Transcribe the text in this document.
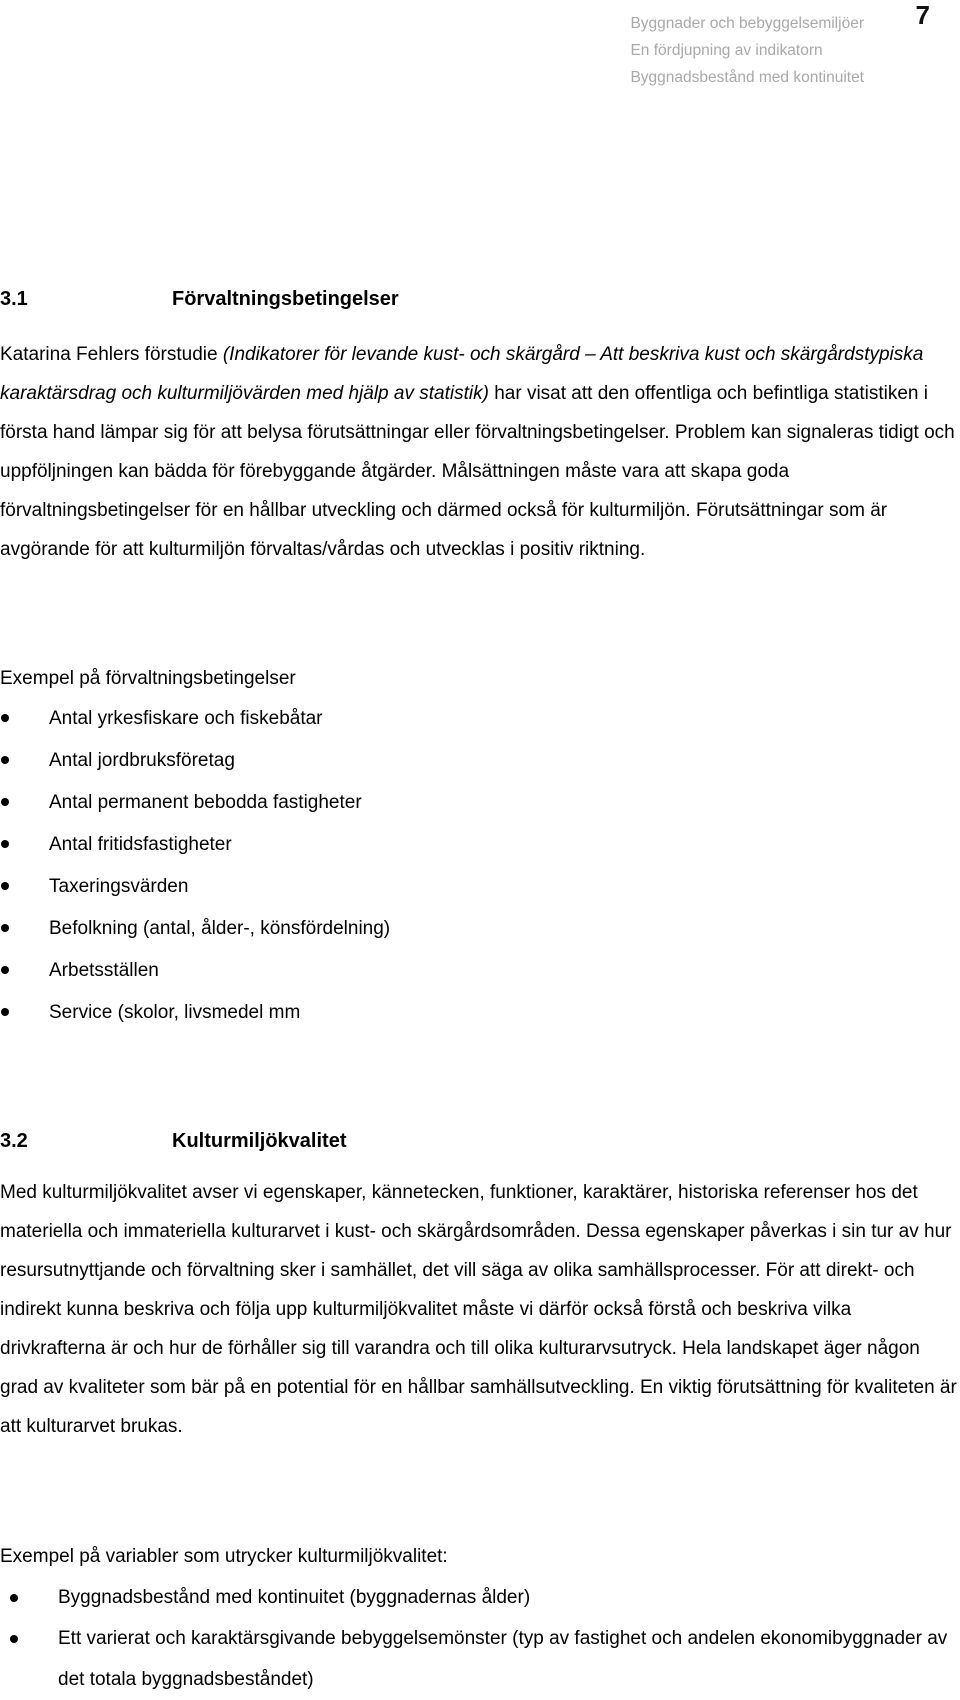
Byggnader och bebyggelsemiljöer
En fördjupning av indikatorn
Byggnadsbestånd med kontinuitet
7
3.1	Förvaltningsbetingelser
Katarina Fehlers förstudie (Indikatorer för levande kust- och skärgård – Att beskriva kust och skärgårdstypiska karaktärsdrag och kulturmiljövärden med hjälp av statistik) har visat att den offentliga och befintliga statistiken i första hand lämpar sig för att belysa förutsättningar eller förvaltningsbetingelser. Problem kan signaleras tidigt och uppföljningen kan bädda för förebyggande åtgärder. Målsättningen måste vara att skapa goda förvaltningsbetingelser för en hållbar utveckling och därmed också för kulturmiljön. Förutsättningar som är avgörande för att kulturmiljön förvaltas/vårdas och utvecklas i positiv riktning.
Exempel på förvaltningsbetingelser
Antal yrkesfiskare och fiskebåtar
Antal jordbruksföretag
Antal permanent bebodda fastigheter
Antal fritidsfastigheter
Taxeringsvärden
Befolkning (antal, ålder-, könsfördelning)
Arbetsställen
Service (skolor, livsmedel mm
3.2	Kulturmiljökvalitet
Med kulturmiljökvalitet avser vi egenskaper, kännetecken, funktioner, karaktärer, historiska referenser hos det materiella och immateriella kulturarvet i kust- och skärgårdsområden. Dessa egenskaper påverkas i sin tur av hur resursutnyttjande och förvaltning sker i samhället, det vill säga av olika samhällsprocesser. För att direkt- och indirekt kunna beskriva och följa upp kulturmiljökvalitet måste vi därför också förstå och beskriva vilka drivkrafterna är och hur de förhåller sig till varandra och till olika kulturarvsutryck. Hela landskapet äger någon grad av kvaliteter som bär på en potential för en hållbar samhällsutveckling. En viktig förutsättning för kvaliteten är att kulturarvet brukas.
Exempel på variabler som utrycker kulturmiljökvalitet:
Byggnadsbestånd med kontinuitet (byggnadernas ålder)
Ett varierat och karaktärsgivande bebyggelsemönster (typ av fastighet och andelen ekonomibyggnader av det totala byggnadsbeståndet)
